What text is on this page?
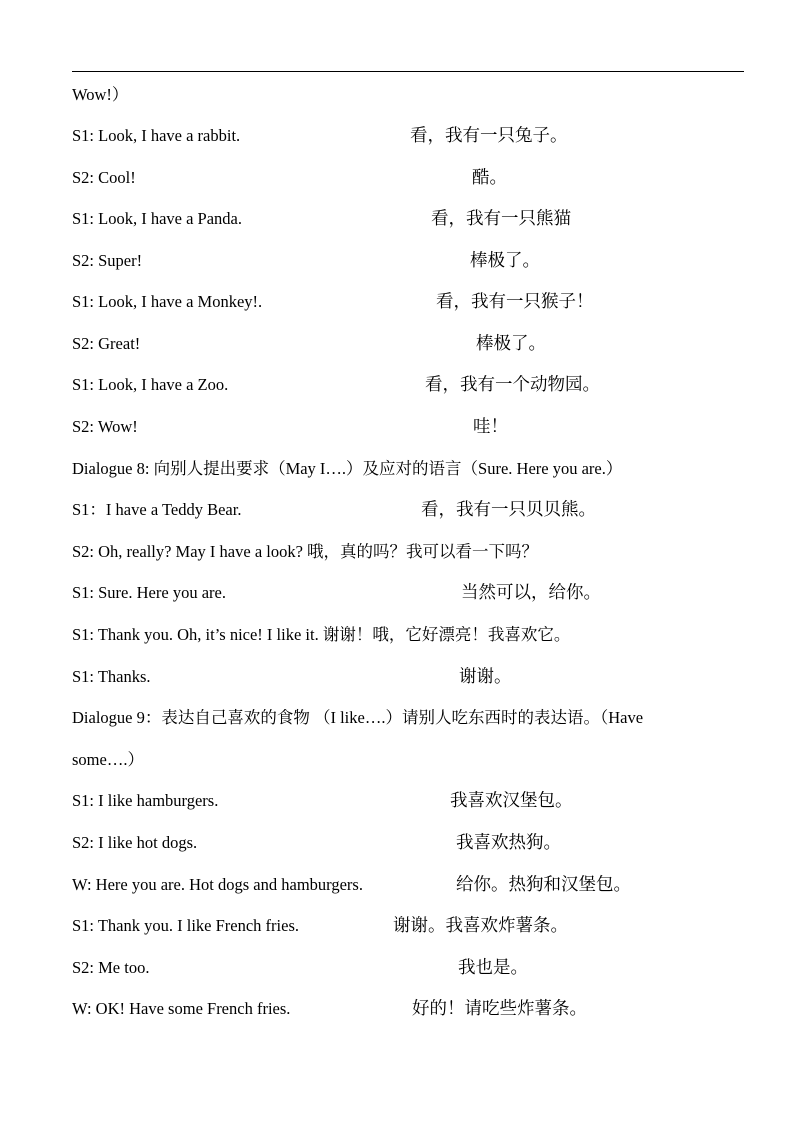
Wow!）
S1: Look, I have a rabbit.	看，我有一只兔子。
S2: Cool!	酷。
S1: Look, I have a Panda.	看，我有一只熊猫
S2: Super!	棒极了。
S1: Look, I have a Monkey!.	看，我有一只猴子！
S2: Great!	棒极了。
S1: Look, I have a Zoo.	看，我有一个动物园。
S2: Wow!	哇！
Dialogue 8: 向别人提出要求（May I….）及应对的语言（Sure. Here you are.）
S1：I have a Teddy Bear.	看，我有一只贝贝熊。
S2: Oh, really? May I have a look? 哦，真的吗？我可以看一下吗？
S1: Sure. Here you are.	当然可以，给你。
S1: Thank you. Oh, it’s nice! I like it. 谢谢！哦，它好漂亮！我喜欢它。
S1: Thanks.	谢谢。
Dialogue 9：表达自己喜欢的食物 （I like….）请别人吃东西时的表达语。（Have
some….）
S1: I like hamburgers.	我喜欢汉堡包。
S2: I like hot dogs.	我喜欢热狗。
W: Here you are. Hot dogs and hamburgers.	给你。热狗和汉堡包。
S1: Thank you. I like French fries.	谢谢。我喜欢炸薯条。
S2: Me too.	我也是。
W: OK! Have some French fries.	好的！请吃些炸薯条。
